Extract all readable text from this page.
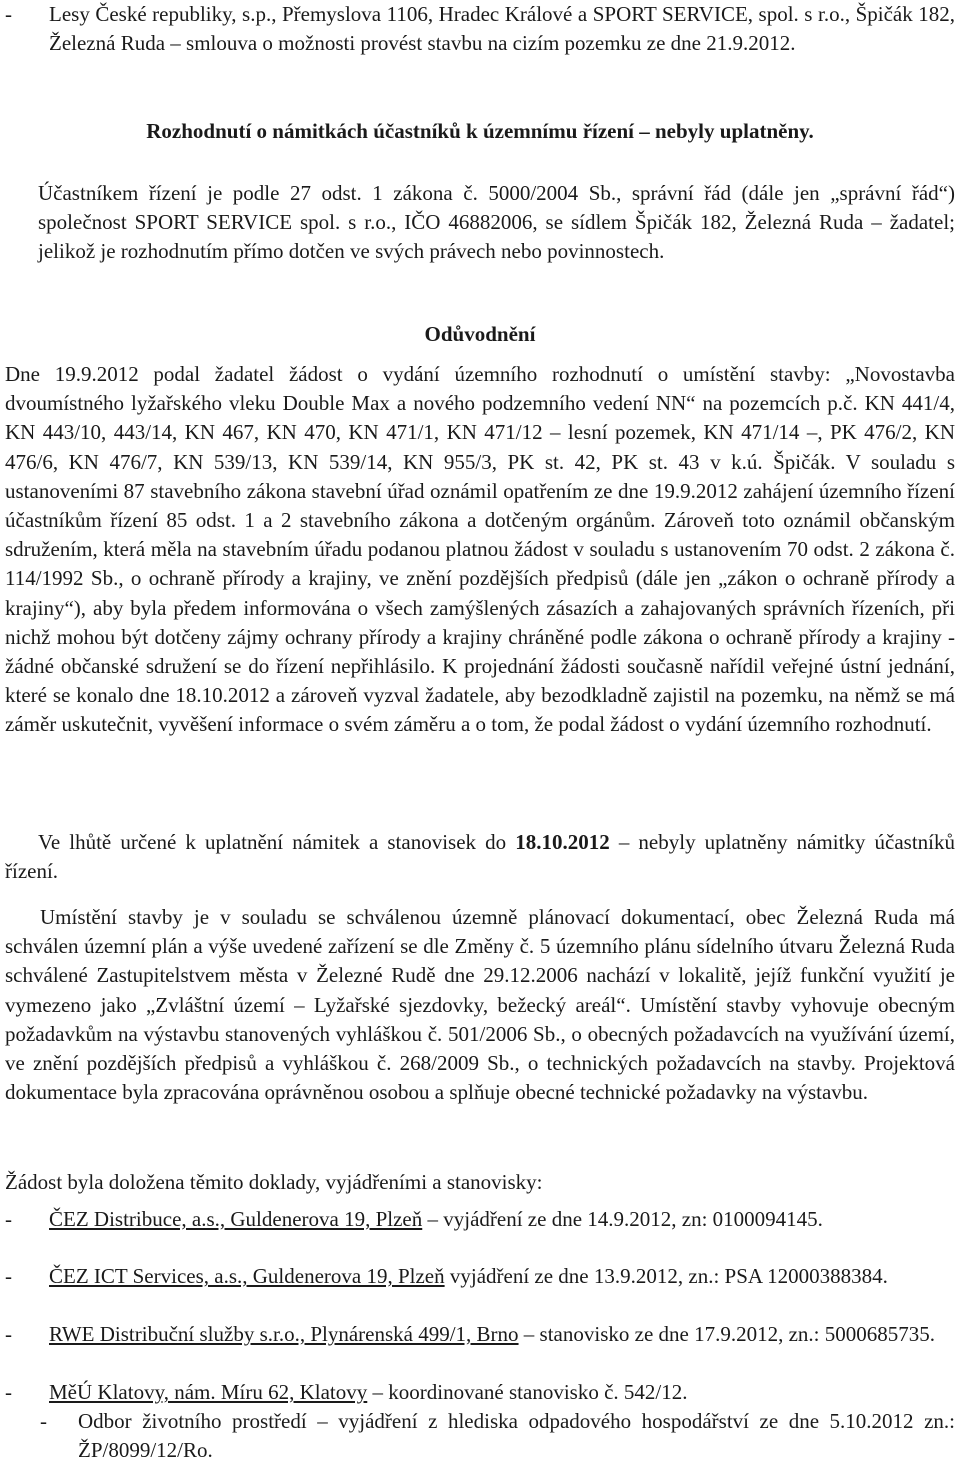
- Lesy České republiky, s.p., Přemyslova 1106, Hradec Králové a SPORT SERVICE, spol. s r.o., Špičák 182, Železná Ruda – smlouva o možnosti provést stavbu na cizím pozemku ze dne 21.9.2012.

Rozhodnutí o námitkách účastníků k územnímu řízení – nebyly uplatněny.

Účastníkem řízení je podle 27 odst. 1 zákona č. 5000/2004 Sb., správní řád (dále jen „správní řád“) společnost SPORT SERVICE spol. s r.o., IČO 46882006, se sídlem Špičák 182, Železná Ruda – žadatel; jelikož je rozhodnutím přímo dotčen ve svých právech nebo povinnostech.

Odůvodnění

Dne 19.9.2012 podal žadatel žádost o vydání územního rozhodnutí o umístění stavby: „Novostavba dvoumístného lyžařského vleku Double Max a nového podzemního vedení NN“ na pozemcích p.č. KN 441/4, KN 443/10, 443/14, KN 467, KN 470, KN 471/1, KN 471/12 – lesní pozemek, KN 471/14 –, PK 476/2, KN 476/6, KN 476/7, KN 539/13, KN 539/14, KN 955/3, PK st. 42, PK st. 43 v k.ú. Špičák. V souladu s ustanoveními 87 stavebního zákona stavební úřad oznámil opatřením ze dne 19.9.2012 zahájení územního řízení účastníkům řízení 85 odst. 1 a 2 stavebního zákona a dotčeným orgánům. Zároveň toto oznámil občanským sdružením, která měla na stavebním úřadu podanou platnou žádost v souladu s ustanovením 70 odst. 2 zákona č. 114/1992 Sb., o ochraně přírody a krajiny, ve znění pozdějších předpisů (dále jen „zákon o ochraně přírody a krajiny“), aby byla předem informována o všech zamýšlených zásazích a zahajovaných správních řízeních, při nichž mohou být dotčeny zájmy ochrany přírody a krajiny chráněné podle zákona o ochraně přírody a krajiny - žádné občanské sdružení se do řízení nepřihlásilo. K projednání žádosti současně nařídil veřejné ústní jednání, které se konalo dne 18.10.2012 a zároveň vyzval žadatele, aby bezodkladně zajistil na pozemku, na němž se má záměr uskutečnit, vyvěšení informace o svém záměru a o tom, že podal žádost o vydání územního rozhodnutí.

Ve lhůtě určené k uplatnění námitek a stanovisek do 18.10.2012 – nebyly uplatněny námitky účastníků řízení.

Umístění stavby je v souladu se schválenou územně plánovací dokumentací, obec Železná Ruda má schválen územní plán a výše uvedené zařízení se dle Změny č. 5 územního plánu sídelního útvaru Železná Ruda schválené Zastupitelstvem města v Železné Rudě dne 29.12.2006 nachází v lokalitě, jejíž funkční využití je vymezeno jako „Zvláštní území – Lyžařské sjezdovky, bežecký areál“. Umístění stavby vyhovuje obecným požadavkům na výstavbu stanovených vyhláškou č. 501/2006 Sb., o obecných požadavcích na využívání území, ve znění pozdějších předpisů a vyhláškou č. 268/2009 Sb., o technických požadavcích na stavby. Projektová dokumentace byla zpracována oprávněnou osobou a splňuje obecné technické požadavky na výstavbu.

Žádost byla doložena těmito doklady, vyjádřeními a stanovisky:

- ČEZ Distribuce, a.s., Guldenerova 19, Plzeň – vyjádření ze dne 14.9.2012, zn: 0100094145.

- ČEZ ICT Services, a.s., Guldenerova 19, Plzeň vyjádření ze dne 13.9.2012, zn.: PSA 12000388384.

- RWE Distribuční služby s.r.o., Plynárenská 499/1, Brno – stanovisko ze dne 17.9.2012, zn.: 5000685735.

- MěÚ Klatovy, nám. Míru 62, Klatovy – koordinované stanovisko č. 542/12.

- Odbor životního prostředí – vyjádření z hlediska odpadového hospodářství ze dne 5.10.2012 zn.: ŽP/8099/12/Ro.
